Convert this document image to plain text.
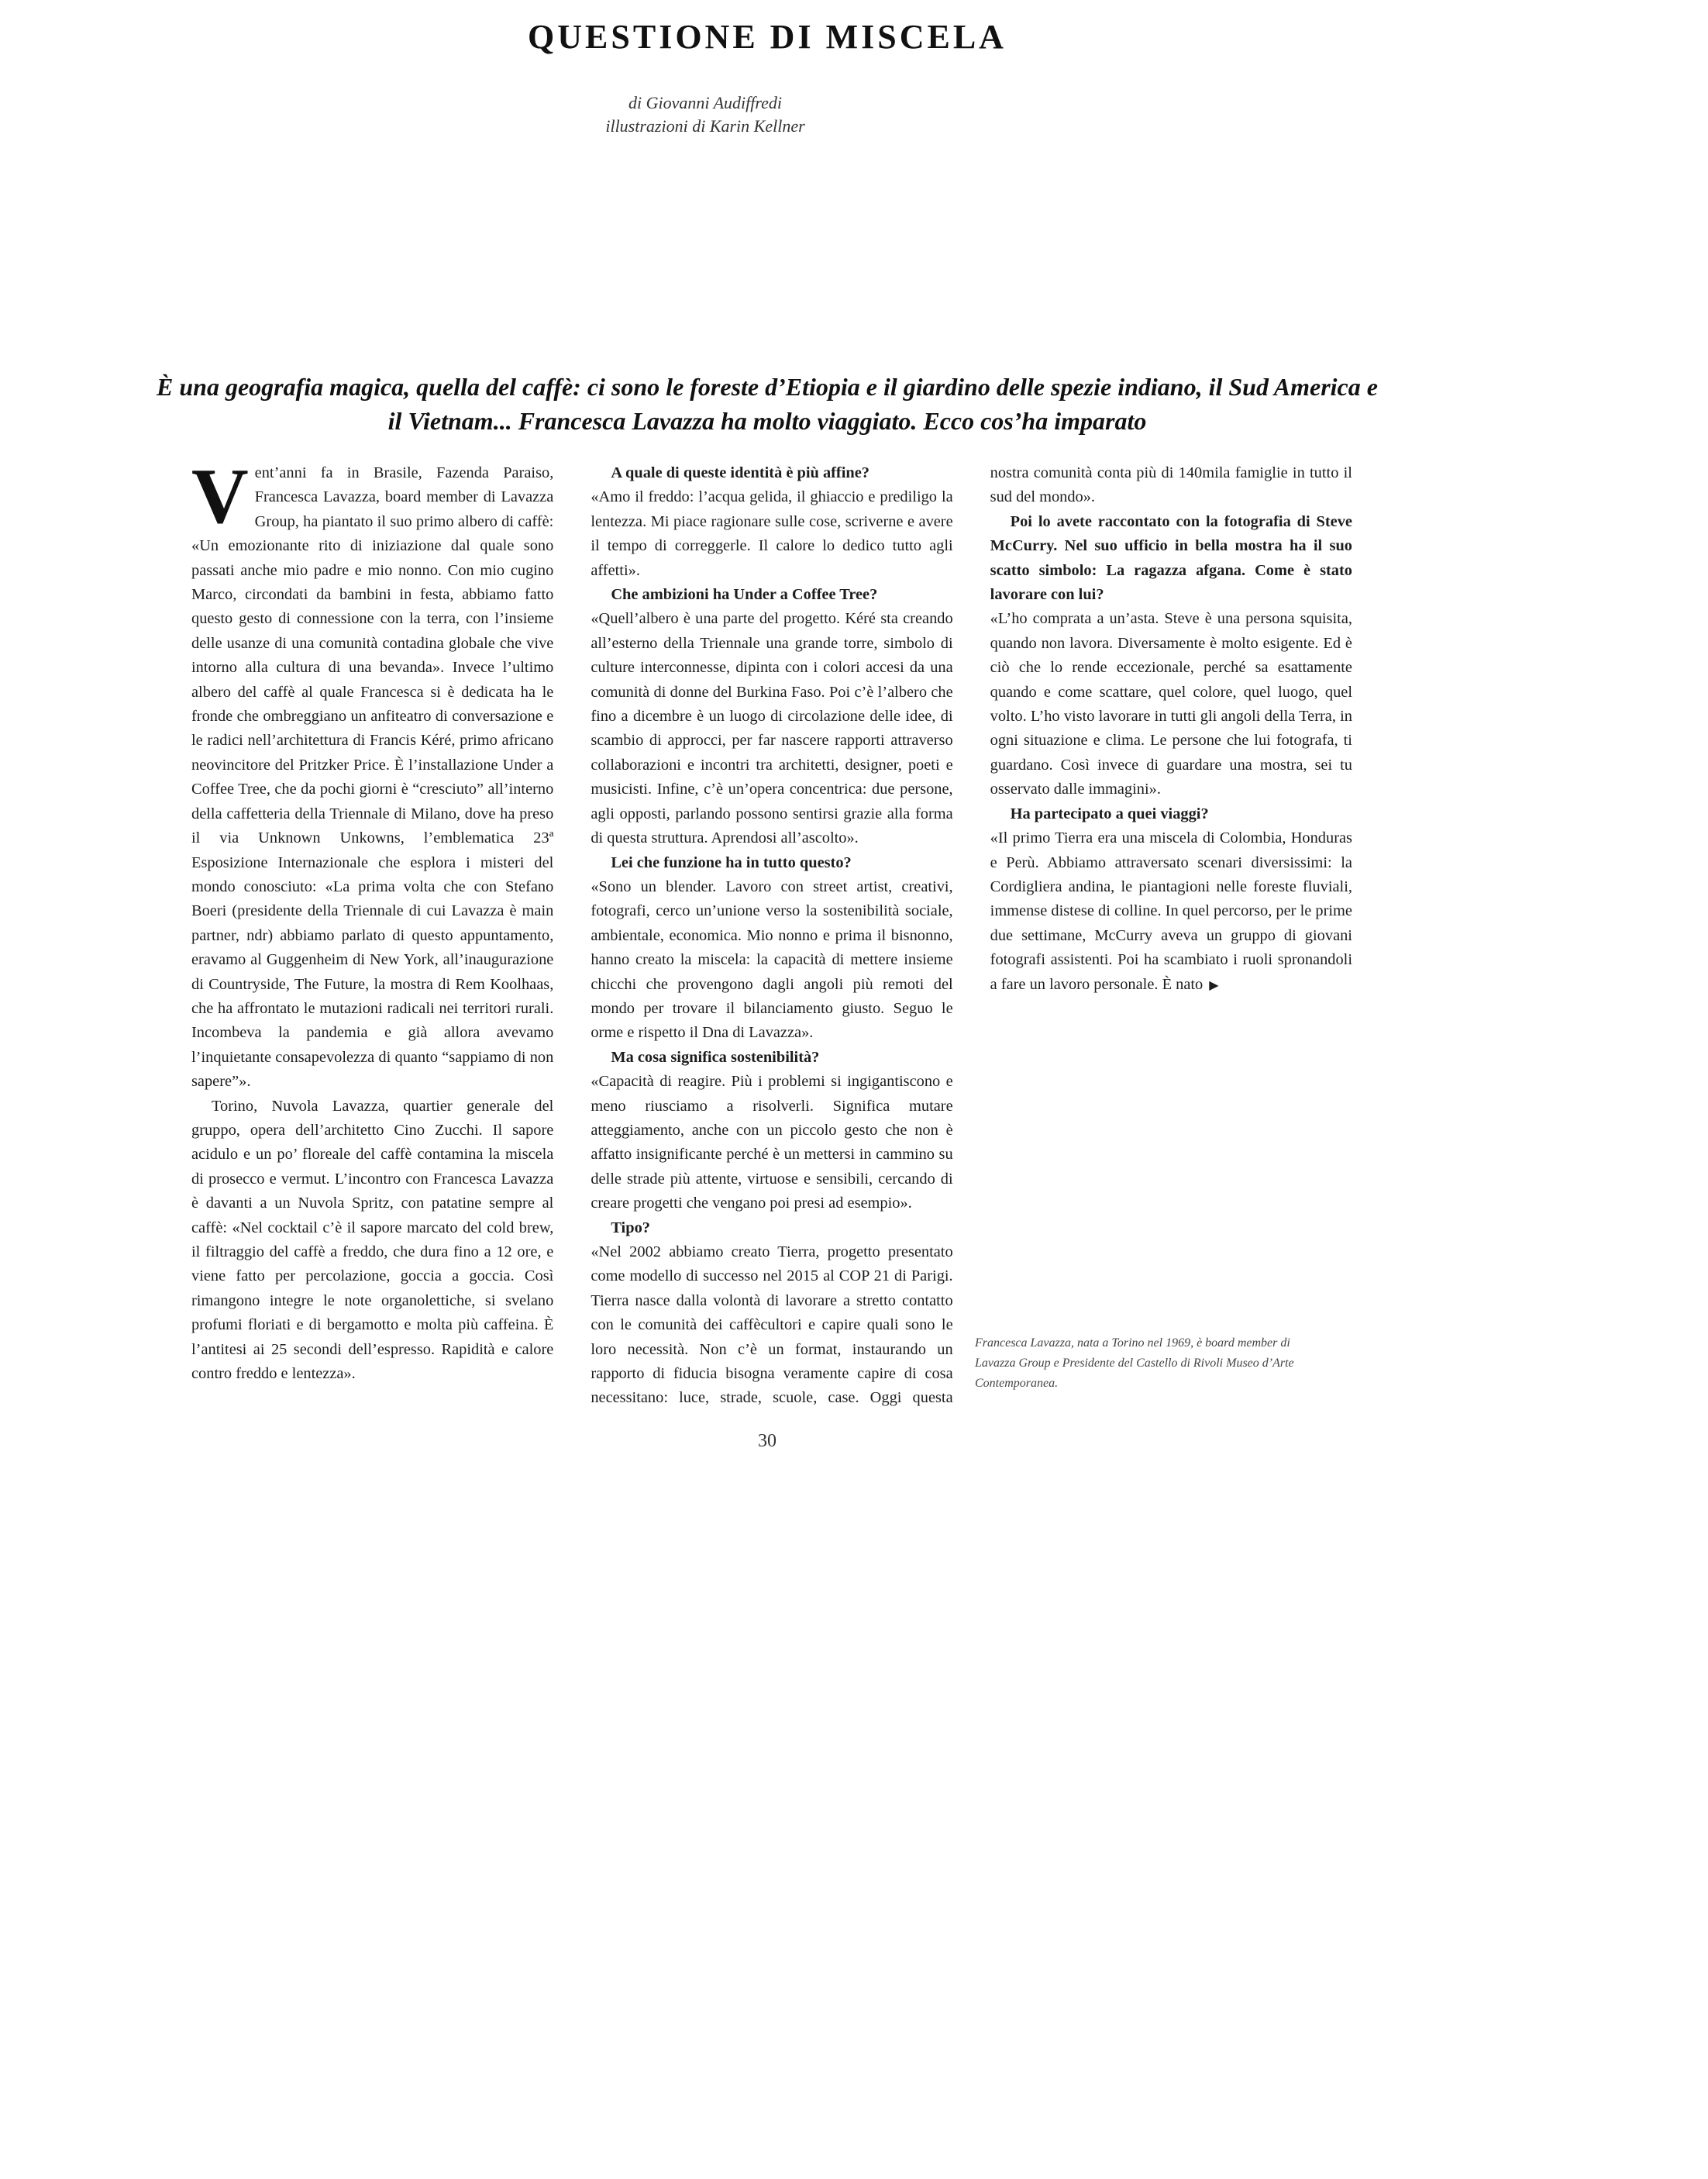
QUESTIONE DI MISCELA
di Giovanni Audiffredi
illustrazioni di Karin Kellner

È una geografia magica, quella del caffè: ci sono le foreste d’Etiopia e il giardino delle spezie indiano, il Sud America e il Vietnam... Francesca Lavazza ha molto viaggiato. Ecco cos’ha imparato

Vent’anni fa in Brasile, Fazenda Paraiso, Francesca Lavazza, board member di Lavazza Group, ha piantato il suo primo albero di caffè: «Un emozionante rito di iniziazione dal quale sono passati anche mio padre e mio nonno. Con mio cugino Marco, circondati da bambini in festa, abbiamo fatto questo gesto di connessione con la terra, con l’insieme delle usanze di una comunità contadina globale che vive intorno alla cultura di una bevanda». Invece l’ultimo albero del caffè al quale Francesca si è dedicata ha le fronde che ombreggiano un anfiteatro di conversazione e le radici nell’architettura di Francis Kéré, primo africano neovincitore del Pritzker Price. È l’installazione Under a Coffee Tree, che da pochi giorni è “cresciuto” all’interno della caffetteria della Triennale di Milano, dove ha preso il via Unknown Unkowns, l’emblematica 23ª Esposizione Internazionale che esplora i misteri del mondo conosciuto: «La prima volta che con Stefano Boeri (presidente della Triennale di cui Lavazza è main partner, ndr) abbiamo parlato di questo appuntamento, eravamo al Guggenheim di New York, all’inaugurazione di Countryside, The Future, la mostra di Rem Koolhaas, che ha affrontato le mutazioni radicali nei territori rurali. Incombeva la pandemia e già allora avevamo l’inquietante consapevolezza di quanto “sappiamo di non sapere”».

Torino, Nuvola Lavazza, quartier generale del gruppo, opera dell’architetto Cino Zucchi. Il sapore acidulo e un po’ floreale del caffè contamina la miscela di prosecco e vermut. L’incontro con Francesca Lavazza è davanti a un Nuvola Spritz, con patatine sempre al caffè: «Nel cocktail c’è il sapore marcato del cold brew, il filtraggio del caffè a freddo, che dura fino a 12 ore, e viene fatto per percolazione, goccia a goccia. Così rimangono integre le note organolettiche, si svelano profumi floriati e di bergamotto e molta più caffeina. È l’antitesi ai 25 secondi dell’espresso. Rapidità e calore contro freddo e lentezza».

A quale di queste identità è più affine?

«Amo il freddo: l’acqua gelida, il ghiaccio e prediligo la lentezza. Mi piace ragionare sulle cose, scriverne e avere il tempo di correggerle. Il calore lo dedico tutto agli affetti».

Che ambizioni ha Under a Coffee Tree?

«Quell’albero è una parte del progetto. Kéré sta creando all’esterno della Triennale una grande torre, simbolo di culture interconnesse, dipinta con i colori accesi da una comunità di donne del Burkina Faso. Poi c’è l’albero che fino a dicembre è un luogo di circolazione delle idee, di scambio di approcci, per far nascere rapporti attraverso collaborazioni e incontri tra architetti, designer, poeti e musicisti. Infine, c’è un’opera concentrica: due persone, agli opposti, parlando possono sentirsi grazie alla forma di questa struttura. Aprendosi all’ascolto».

Lei che funzione ha in tutto questo?

«Sono un blender. Lavoro con street artist, creativi, fotografi, cerco un’unione verso la sostenibilità sociale, ambientale, economica. Mio nonno e prima il bisnonno, hanno creato la miscela: la capacità di mettere insieme chicchi che provengono dagli angoli più remoti del mondo per trovare il bilanciamento giusto. Seguo le orme e rispetto il Dna di Lavazza».

Ma cosa significa sostenibilità?

«Capacità di reagire. Più i problemi si ingigantiscono e meno riusciamo a risolverli. Significa mutare atteggiamento, anche con un piccolo gesto che non è affatto insignificante perché è un mettersi in cammino su delle strade più attente, virtuose e sensibili, cercando di creare progetti che vengano poi presi ad esempio».

Tipo?

«Nel 2002 abbiamo creato Tierra, progetto presentato come modello di successo nel 2015 al COP 21 di Parigi. Tierra nasce dalla volontà di lavorare a stretto contatto con le comunità dei caffècultori e capire quali sono le loro necessità. Non c’è un format, instaurando un rapporto di fiducia bisogna veramente capire di cosa necessitano: luce, strade, scuole, case. Oggi questa nostra comunità conta più di 140mila famiglie in tutto il sud del mondo».

Poi lo avete raccontato con la fotografia di Steve McCurry. Nel suo ufficio in bella mostra ha il suo scatto simbolo: La ragazza afgana. Come è stato lavorare con lui?

«L’ho comprata a un’asta. Steve è una persona squisita, quando non lavora. Diversamente è molto esigente. Ed è ciò che lo rende eccezionale, perché sa esattamente quando e come scattare, quel colore, quel luogo, quel volto. L’ho visto lavorare in tutti gli angoli della Terra, in ogni situazione e clima. Le persone che lui fotografa, ti guardano. Così invece di guardare una mostra, sei tu osservato dalle immagini».

Ha partecipato a quei viaggi?

«Il primo Tierra era una miscela di Colombia, Honduras e Perù. Abbiamo attraversato scenari diversissimi: la Cordigliera andina, le piantagioni nelle foreste fluviali, immense distese di colline. In quel percorso, per le prime due settimane, McCurry aveva un gruppo di giovani fotografi assistenti. Poi ha scambiato i ruoli spronandoli a fare un lavoro personale. È nato ▶

Francesca Lavazza, nata a Torino nel 1969, è board member di Lavazza Group e Presidente del Castello di Rivoli Museo d’Arte Contemporanea.

30
